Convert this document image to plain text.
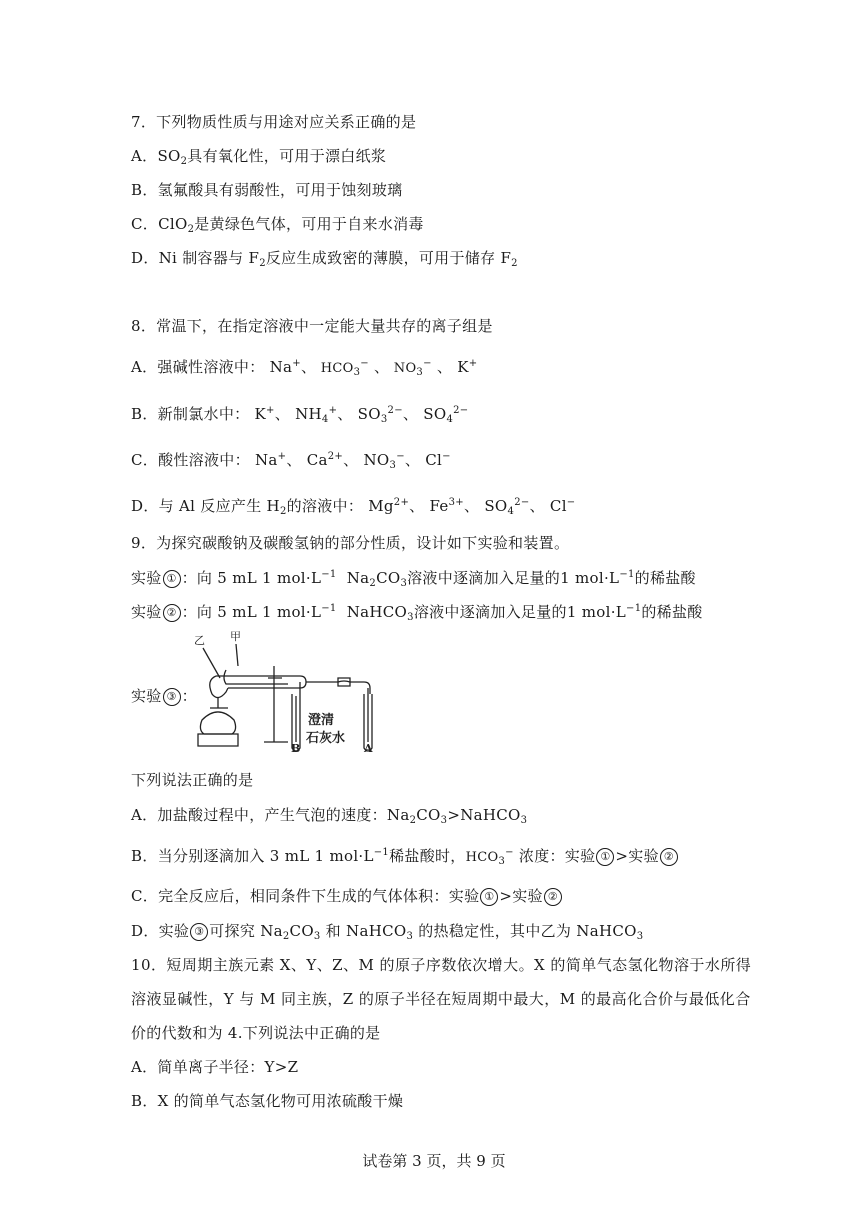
7．下列物质性质与用途对应关系正确的是
A．$SO_2$具有氧化性，可用于漂白纸浆
B．氢氟酸具有弱酸性，可用于蚀刻玻璃
C．ClO$_2$是黄绿色气体，可用于自来水消毒
D．Ni 制容器与 $F_2$反应生成致密的薄膜，可用于储存 $F_2$
8．常温下，在指定溶液中一定能大量共存的离子组是
A．强碱性溶液中： Na+、 $HCO_3^-$ 、 $NO_3^-$ 、 K+
B．新制氯水中： K+、 $NH_4^+$、 $SO_3^{2-}$、 $SO_4^{2-}$
C．酸性溶液中： Na+、 $Ca^{2+}$、 $NO_3^-$、 Cl−
D．与 Al 反应产生 $H_2$的溶液中： $Mg^{2+}$、 $Fe^{3+}$、 $SO_4^{2-}$、 Cl−
9．为探究碳酸钠及碳酸氢钠的部分性质，设计如下实验和装置。
实验 ① ：向 5 mL 1 $mol\cdot L^{-1}$ $Na_2CO_3$溶液中逐滴加入足量的1 $mol\cdot L^{-1}$的稀盐酸
实验 ② ：向 5 mL 1 $mol\cdot L^{-1}$ NaHCO$_3$溶液中逐滴加入足量的1 $mol\cdot L^{-1}$的稀盐酸
实验 ③ ：
乙 甲
澄清
石灰水
B	A
下列说法正确的是
A．加盐酸过程中，产生气泡的速度：$Na_2CO_3>NaHCO_3$
B．当分别逐滴加入 3 mL 1 $mol\cdot L^{-1}$稀盐酸时，$HCO_3^-$ 浓度：实验 ① >实验 ②
C．完全反应后，相同条件下生成的气体体积：实验 ① >实验 ②
D．实验 ③ 可探究 $Na_2CO_3$ 和 NaHCO$_3$ 的热稳定性，其中乙为 NaHCO$_3$
10．短周期主族元素 X、Y、Z、M 的原子序数依次增大。X 的简单气态氢化物溶于水所得
溶液显碱性，Y 与 M 同主族，Z 的原子半径在短周期中最大，M 的最高化合价与最低化合
价的代数和为 4.下列说法中正确的是
A．简单离子半径：Y>Z
B．X 的简单气态氢化物可用浓硫酸干燥
试卷第 3 页，共 9 页
